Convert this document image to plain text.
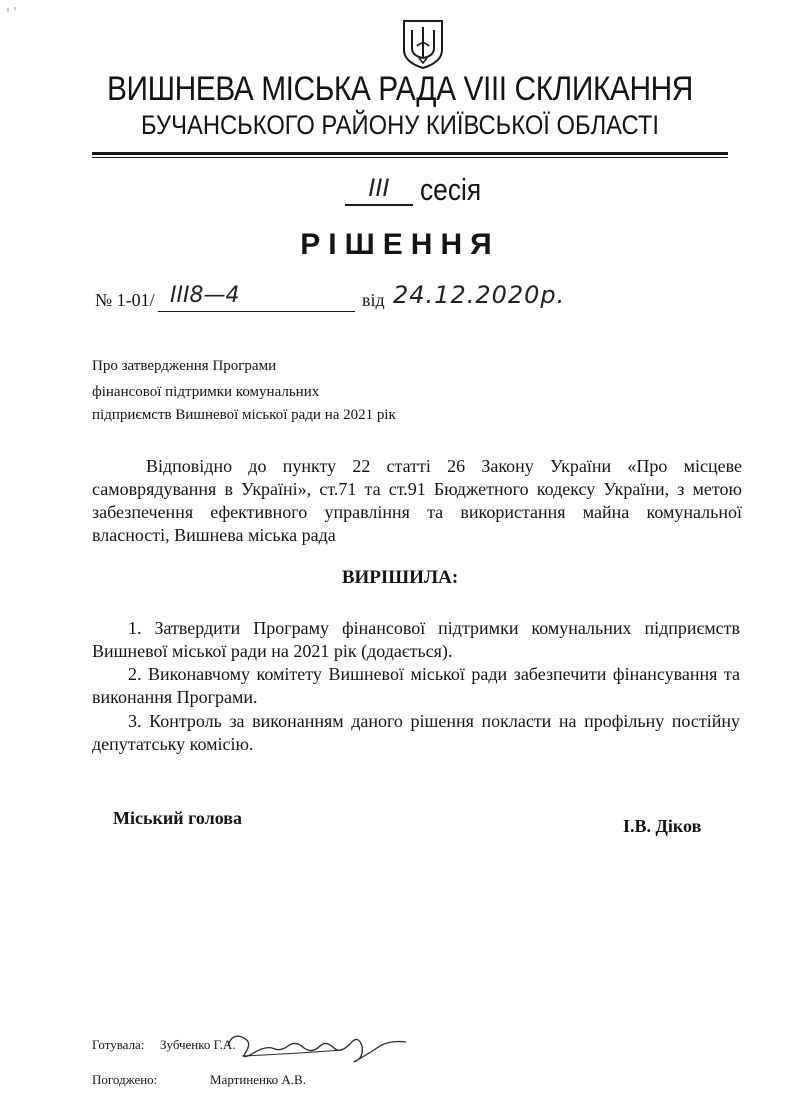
ВИШНЕВА МІСЬКА РАДА VIII СКЛИКАННЯ
БУЧАНСЬКОГО РАЙОНУ КИЇВСЬКОЇ ОБЛАСТІ
III сесія
РІШЕННЯ
№ 1-01/ III8—4	від 24.12.2020р.
Про затвердження Програми
фінансової підтримки комунальних
підприємств Вишневої міської ради на 2021 рік

Відповідно до пункту 22 статті 26 Закону України «Про місцеве самоврядування в Україні», ст.71 та ст.91 Бюджетного кодексу України, з метою забезпечення ефективного управління та використання майна комунальної власності, Вишнева міська рада

ВИРІШИЛА:

1. Затвердити Програму фінансової підтримки комунальних підприємств Вишневої міської ради на 2021 рік (додається).

2. Виконавчому комітету Вишневої міської ради забезпечити фінансування та виконання Програми.

3. Контроль за виконанням даного рішення покласти на профільну постійну депутатську комісію.

Міський голова	І.В. Діков
Готувала: Зубченко Г.А.
Погоджено:	Мартиненко А.В.
